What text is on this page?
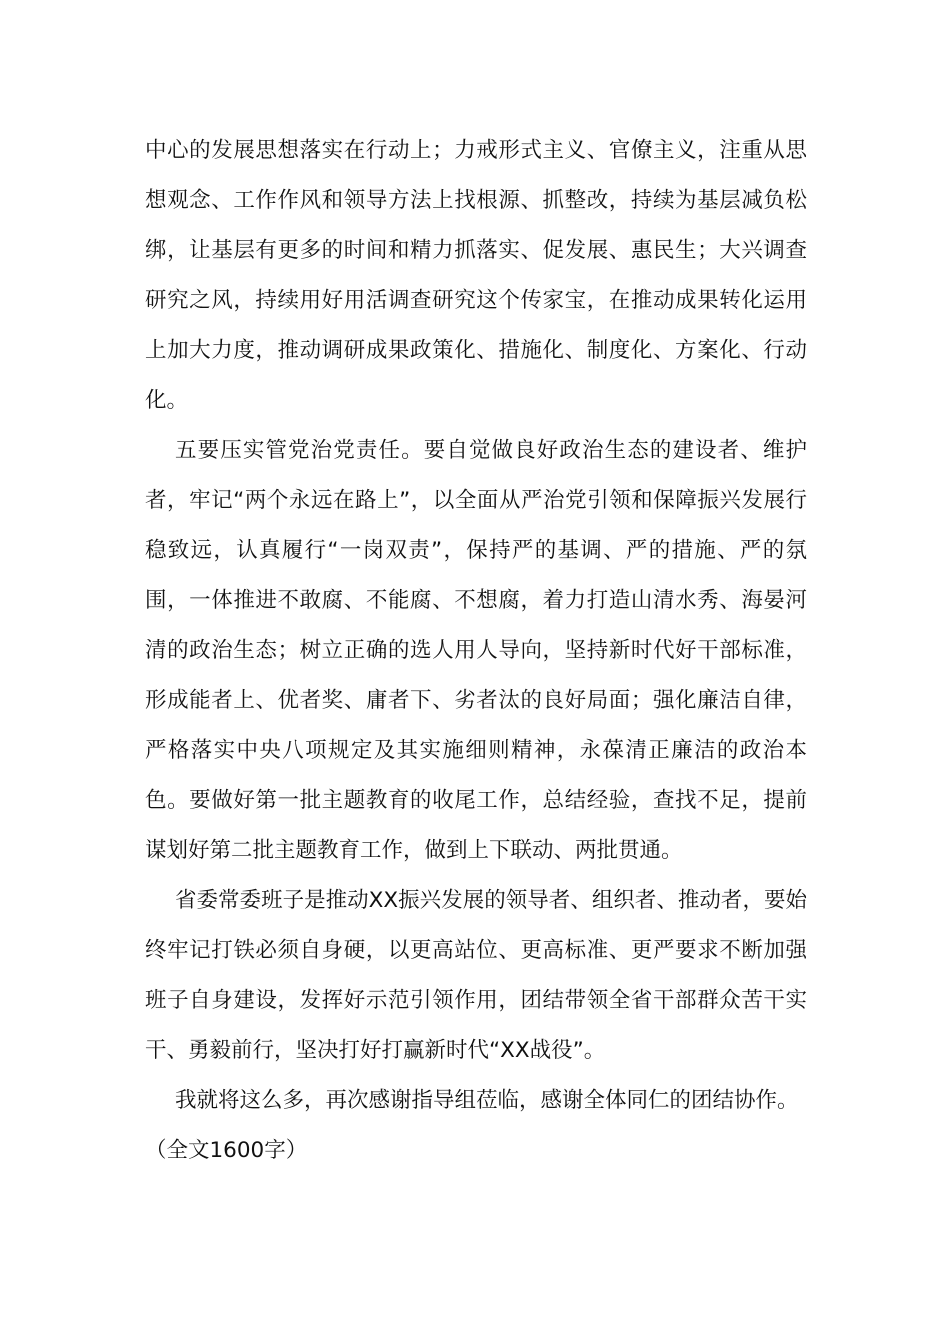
中心的发展思想落实在行动上；力戒形式主义、官僚主义，注重从思想观念、工作作风和领导方法上找根源、抓整改，持续为基层减负松绑，让基层有更多的时间和精力抓落实、促发展、惠民生；大兴调查研究之风，持续用好用活调查研究这个传家宝，在推动成果转化运用上加大力度，推动调研成果政策化、措施化、制度化、方案化、行动化。

五要压实管党治党责任。要自觉做良好政治生态的建设者、维护者，牢记“两个永远在路上”，以全面从严治党引领和保障振兴发展行稳致远，认真履行“一岗双责”，保持严的基调、严的措施、严的氛围，一体推进不敢腐、不能腐、不想腐，着力打造山清水秀、海晏河清的政治生态；树立正确的选人用人导向，坚持新时代好干部标准，形成能者上、优者奖、庸者下、劣者汰的良好局面；强化廉洁自律，严格落实中央八项规定及其实施细则精神，永葆清正廉洁的政治本色。要做好第一批主题教育的收尾工作，总结经验，查找不足，提前谋划好第二批主题教育工作，做到上下联动、两批贯通。

省委常委班子是推动XX振兴发展的领导者、组织者、推动者，要始终牢记打铁必须自身硬，以更高站位、更高标准、更严要求不断加强班子自身建设，发挥好示范引领作用，团结带领全省干部群众苦干实干、勇毅前行，坚决打好打赢新时代“XX战役”。

我就将这么多，再次感谢指导组莅临，感谢全体同仁的团结协作。

（全文1600字）
